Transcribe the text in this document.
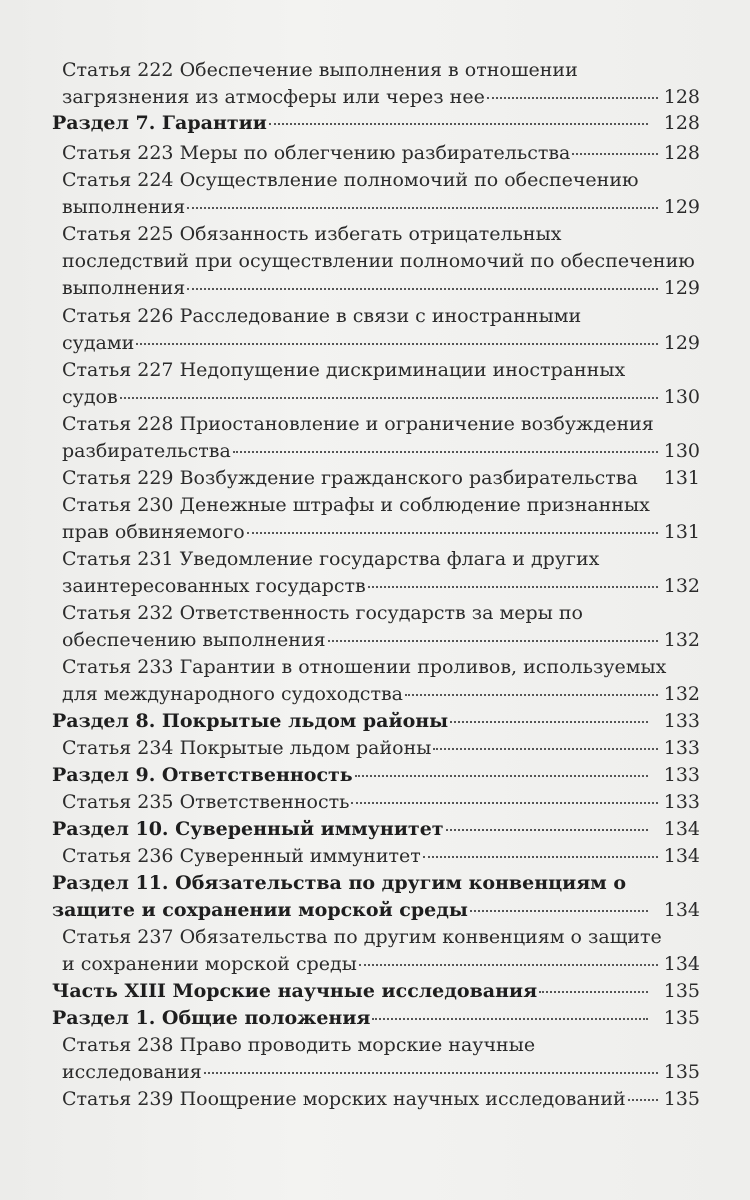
Статья 222 Обеспечение выполнения в отношении
загрязнения из атмосферы или через нее	128
Раздел 7. Гарантии	128
Статья 223 Меры по облегчению разбирательства	128
Статья 224 Осуществление полномочий по обеспечению
выполнения	129
Статья 225 Обязанность избегать отрицательных
последствий при осуществлении полномочий по обеспечению
выполнения	129
Статья 226 Расследование в связи с иностранными
судами	129
Статья 227 Недопущение дискриминации иностранных
судов	130
Статья 228 Приостановление и ограничение возбуждения
разбирательства	130
Статья 229 Возбуждение гражданского разбирательства	131
Статья 230 Денежные штрафы и соблюдение признанных
прав обвиняемого	131
Статья 231 Уведомление государства флага и других
заинтересованных государств	132
Статья 232 Ответственность государств за меры по
обеспечению выполнения	132
Статья 233 Гарантии в отношении проливов, используемых
для международного судоходства	132
Раздел 8. Покрытые льдом районы	133
Статья 234 Покрытые льдом районы	133
Раздел 9. Ответственность	133
Статья 235 Ответственность	133
Раздел 10. Суверенный иммунитет	134
Статья 236 Суверенный иммунитет	134
Раздел 11. Обязательства по другим конвенциям о
защите и сохранении морской среды	134
Статья 237 Обязательства по другим конвенциям о защите
и сохранении морской среды	134
Часть XIII Морские научные исследования	135
Раздел 1. Общие положения	135
Статья 238 Право проводить морские научные
исследования	135
Статья 239 Поощрение морских научных исследований	135
